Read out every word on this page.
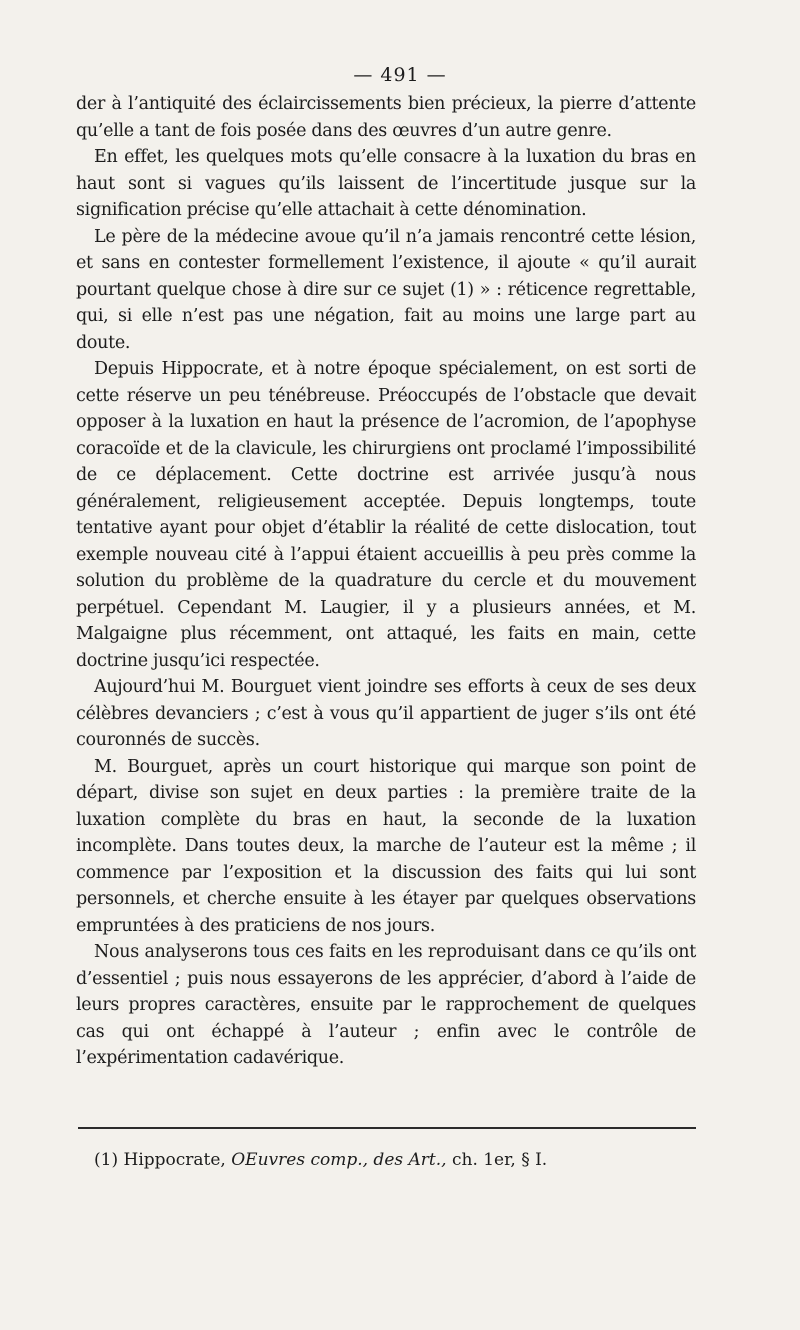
— 491 —

der à l’antiquité des éclaircissements bien précieux, la pierre d’attente qu’elle a tant de fois posée dans des œuvres d’un autre genre.

En effet, les quelques mots qu’elle consacre à la luxation du bras en haut sont si vagues qu’ils laissent de l’incertitude jusque sur la signification précise qu’elle attachait à cette dénomination.

Le père de la médecine avoue qu’il n’a jamais rencontré cette lésion, et sans en contester formellement l’existence, il ajoute « qu’il aurait pourtant quelque chose à dire sur ce sujet (1) » : réticence regrettable, qui, si elle n’est pas une négation, fait au moins une large part au doute.

Depuis Hippocrate, et à notre époque spécialement, on est sorti de cette réserve un peu ténébreuse. Préoccupés de l’obstacle que devait opposer à la luxation en haut la présence de l’acromion, de l’apophyse coracoïde et de la clavicule, les chirurgiens ont proclamé l’impossibilité de ce déplacement. Cette doctrine est arrivée jusqu’à nous généralement, religieusement acceptée. Depuis longtemps, toute tentative ayant pour objet d’établir la réalité de cette dislocation, tout exemple nouveau cité à l’appui étaient accueillis à peu près comme la solution du problème de la quadrature du cercle et du mouvement perpétuel. Cependant M. Laugier, il y a plusieurs années, et M. Malgaigne plus récemment, ont attaqué, les faits en main, cette doctrine jusqu’ici respectée.

Aujourd’hui M. Bourguet vient joindre ses efforts à ceux de ses deux célèbres devanciers ; c’est à vous qu’il appartient de juger s’ils ont été couronnés de succès.

M. Bourguet, après un court historique qui marque son point de départ, divise son sujet en deux parties : la première traite de la luxation complète du bras en haut, la seconde de la luxation incomplète. Dans toutes deux, la marche de l’auteur est la même ; il commence par l’exposition et la discussion des faits qui lui sont personnels, et cherche ensuite à les étayer par quelques observations empruntées à des praticiens de nos jours.

Nous analyserons tous ces faits en les reproduisant dans ce qu’ils ont d’essentiel ; puis nous essayerons de les apprécier, d’abord à l’aide de leurs propres caractères, ensuite par le rapprochement de quelques cas qui ont échappé à l’auteur ; enfin avec le contrôle de l’expérimentation cadavérique.

(1) Hippocrate, OEuvres comp., des Art., ch. 1er, § I.
